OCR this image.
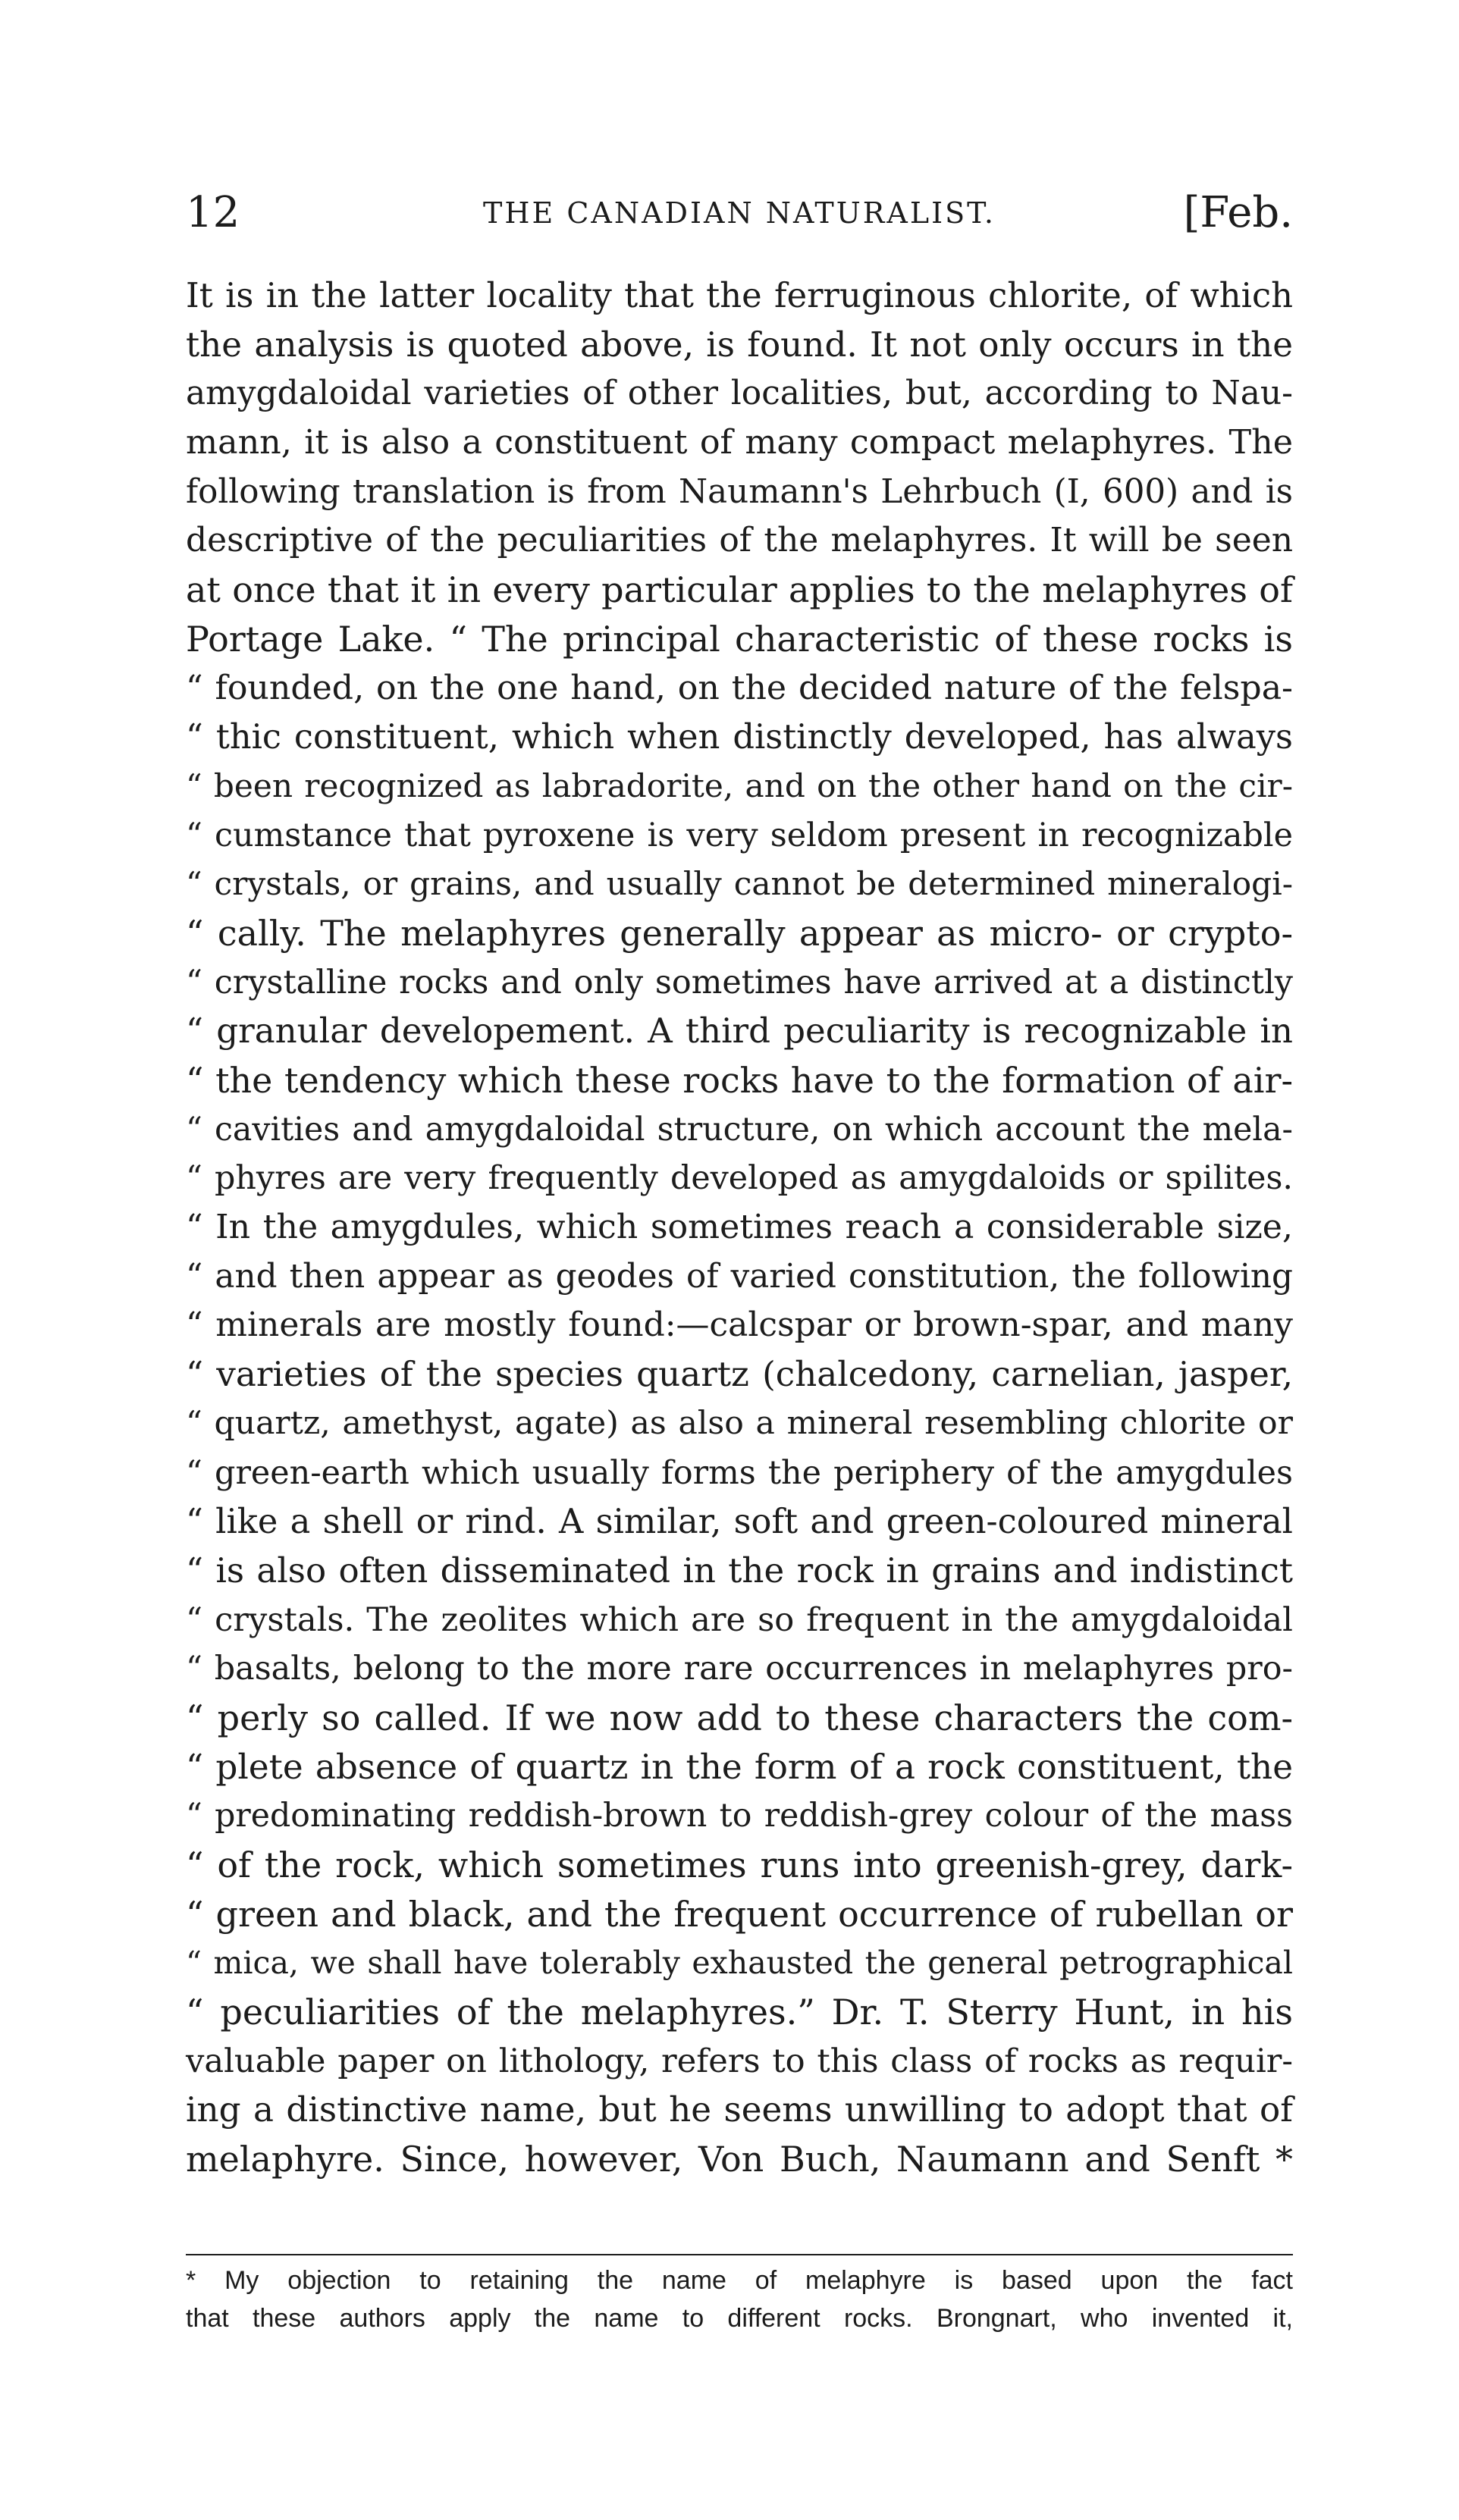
12	THE CANADIAN NATURALIST.	[Feb.
It is in the latter locality that the ferruginous chlorite, of which
the analysis is quoted above, is found. It not only occurs in the
amygdaloidal varieties of other localities, but, according to Nau-
mann, it is also a constituent of many compact melaphyres. The
following translation is from Naumann's Lehrbuch (I, 600) and is
descriptive of the peculiarities of the melaphyres. It will be seen
at once that it in every particular applies to the melaphyres of
Portage Lake. “ The principal characteristic of these rocks is
“ founded, on the one hand, on the decided nature of the felspa-
“ thic constituent, which when distinctly developed, has always
“ been recognized as labradorite, and on the other hand on the cir-
“ cumstance that pyroxene is very seldom present in recognizable
“ crystals, or grains, and usually cannot be determined mineralogi-
“ cally. The melaphyres generally appear as micro- or crypto-
“ crystalline rocks and only sometimes have arrived at a distinctly
“ granular developement. A third peculiarity is recognizable in
“ the tendency which these rocks have to the formation of air-
“ cavities and amygdaloidal structure, on which account the mela-
“ phyres are very frequently developed as amygdaloids or spilites.
“ In the amygdules, which sometimes reach a considerable size,
“ and then appear as geodes of varied constitution, the following
“ minerals are mostly found:—calcspar or brown-spar, and many
“ varieties of the species quartz (chalcedony, carnelian, jasper,
“ quartz, amethyst, agate) as also a mineral resembling chlorite or
“ green-earth which usually forms the periphery of the amygdules
“ like a shell or rind. A similar, soft and green-coloured mineral
“ is also often disseminated in the rock in grains and indistinct
“ crystals. The zeolites which are so frequent in the amygdaloidal
“ basalts, belong to the more rare occurrences in melaphyres pro-
“ perly so called. If we now add to these characters the com-
“ plete absence of quartz in the form of a rock constituent, the
“ predominating reddish-brown to reddish-grey colour of the mass
“ of the rock, which sometimes runs into greenish-grey, dark-
“ green and black, and the frequent occurrence of rubellan or
“ mica, we shall have tolerably exhausted the general petrographical
“ peculiarities of the melaphyres.” Dr. T. Sterry Hunt, in his
valuable paper on lithology, refers to this class of rocks as requir-
ing a distinctive name, but he seems unwilling to adopt that of
melaphyre. Since, however, Von Buch, Naumann and Senft *
* My objection to retaining the name of melaphyre is based upon the fact
that these authors apply the name to different rocks. Brongnart, who invented it,
